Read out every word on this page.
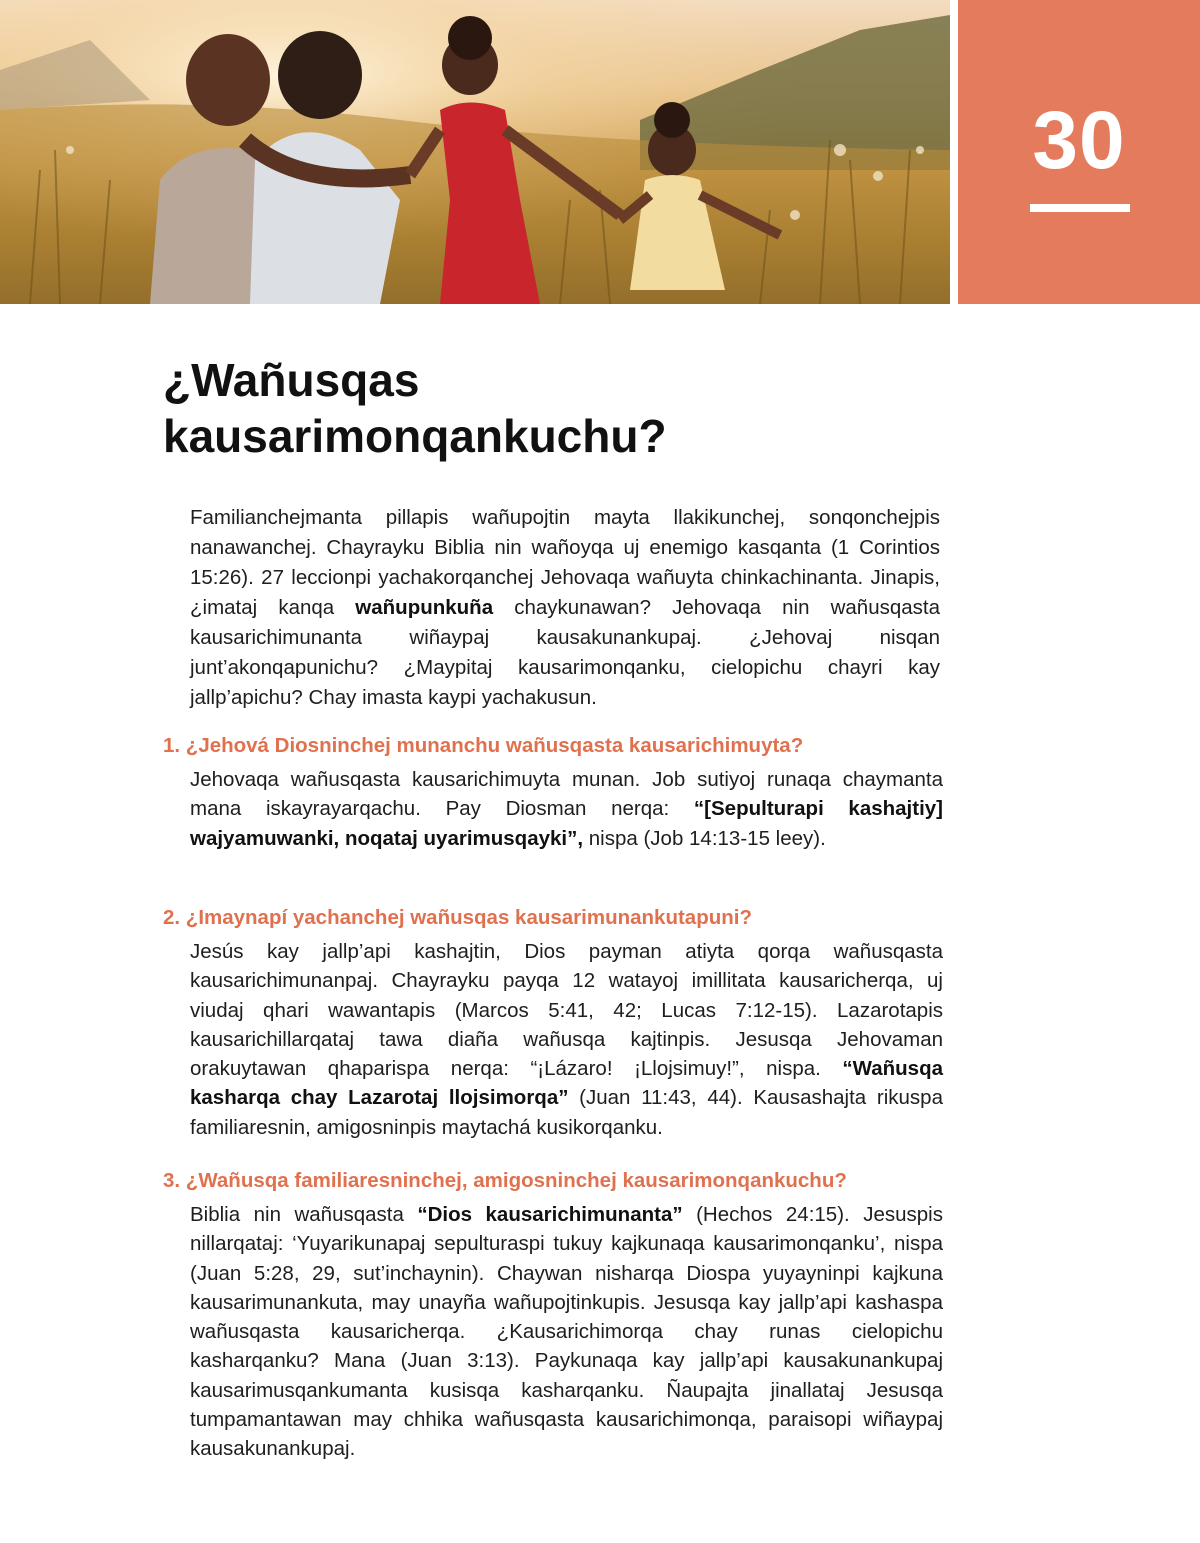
30
¿Wañusqas
kausarimonqankuchu?

Familianchejmanta pillapis wañupojtin mayta llakikunchej, sonqonchejpis nanawanchej. Chayrayku Biblia nin wañoyqa uj enemigo kasqanta (1 Corintios 15:26). 27 leccionpi yachakorqanchej Jehovaqa wañuyta chinkachinanta. Jinapis, ¿imataj kanqa wañupunkuña chaykunawan? Jehovaqa nin wañusqasta kausarichimunanta wiñaypaj kausakunankupaj. ¿Jehovaj nisqan junt’akonqapunichu? ¿Maypitaj kausarimonqanku, cielopichu chayri kay jallp’apichu? Chay imasta kaypi yachakusun.

1. ¿Jehová Diosninchej munanchu wañusqasta kausarichimuyta?

Jehovaqa wañusqasta kausarichimuyta munan. Job sutiyoj runaqa chaymanta mana iskayrayarqachu. Pay Diosman nerqa: “[Sepulturapi kashajtiy] wajyamuwanki, noqataj uyarimusqayki”, nispa (Job 14:13-15 leey).

2. ¿Imaynapí yachanchej wañusqas kausarimunankutapuni?

Jesús kay jallp’api kashajtin, Dios payman atiyta qorqa wañusqasta kausarichimunanpaj. Chayrayku payqa 12 watayoj imillitata kausaricherqa, uj viudaj qhari wawantapis (Marcos 5:41, 42; Lucas 7:12-15). Lazarotapis kausarichillarqataj tawa diaña wañusqa kajtinpis. Jesusqa Jehovaman orakuytawan qhaparispa nerqa: “¡Lázaro! ¡Llojsimuy!”, nispa. “Wañusqa kasharqa chay Lazarotaj llojsimorqa” (Juan 11:43, 44). Kausashajta rikuspa familiaresnin, amigosninpis maytachá kusikorqanku.

3. ¿Wañusqa familiaresninchej, amigosninchej kausarimonqankuchu?

Biblia nin wañusqasta “Dios kausarichimunanta” (Hechos 24:15). Jesuspis nillarqataj: ‘Yuyarikunapaj sepulturaspi tukuy kajkunaqa kausarimonqanku’, nispa (Juan 5:28, 29, sut’inchaynin). Chaywan nisharqa Diospa yuyayninpi kajkuna kausarimunankuta, may unayña wañupojtinkupis. Jesusqa kay jallp’api kashaspa wañusqasta kausaricherqa. ¿Kausarichimorqa chay runas cielopichu kasharqanku? Mana (Juan 3:13). Paykunaqa kay jallp’api kausakunankupaj kausarimusqankumanta kusisqa kasharqanku. Ñaupajta jinallataj Jesusqa tumpamantawan may chhika wañusqasta kausarichimonqa, paraisopi wiñaypaj kausakunankupaj.
